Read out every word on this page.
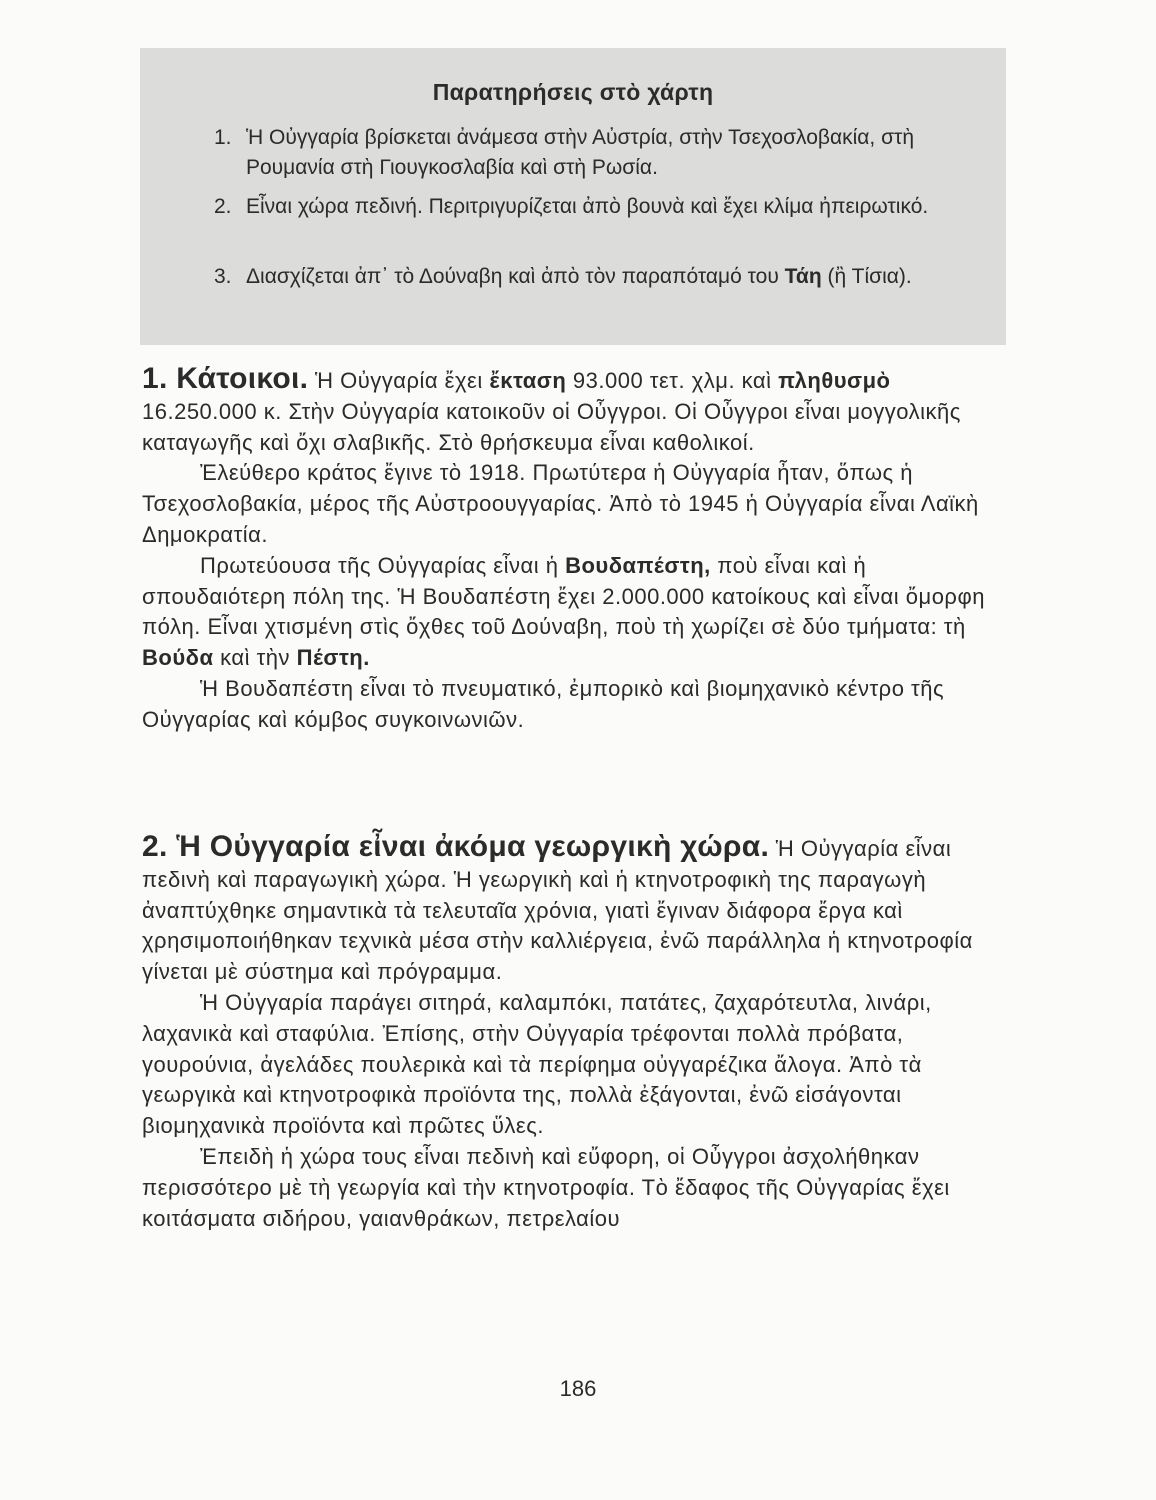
Παρατηρήσεις στὸ χάρτη
1. Ἡ Οὐγγαρία βρίσκεται ἀνάμεσα στὴν Αὐστρία, στὴν Τσεχοσλοβακία, στὴ Ρουμανία στὴ Γιουγκοσλαβία καὶ στὴ Ρωσία.
2. Εἶναι χώρα πεδινή. Περιτριγυρίζεται ἀπὸ βουνὰ καὶ ἔχει κλίμα ἠπειρωτικό.
3. Διασχίζεται ἀπ᾽ τὸ Δούναβη καὶ ἀπὸ τὸν παραπόταμό του Τάη (ἢ Τίσια).

1. Κάτοικοι. Ἡ Οὐγγαρία ἔχει ἔκταση 93.000 τετ. χλμ. καὶ πληθυσμὸ 16.250.000 κ. Στὴν Οὐγγαρία κατοικοῦν οἱ Οὖγγροι. Οἱ Οὖγγροι εἶναι μογγολικῆς καταγωγῆς καὶ ὄχι σλαβικῆς. Στὸ θρήσκευμα εἶναι καθολικοί.

Ἐλεύθερο κράτος ἔγινε τὸ 1918. Πρωτύτερα ἡ Οὐγγαρία ἦταν, ὅπως ἡ Τσεχοσλοβακία, μέρος τῆς Αὐστροουγγαρίας. Ἀπὸ τὸ 1945 ἡ Οὐγγαρία εἶναι Λαϊκὴ Δημοκρατία.

Πρωτεύουσα τῆς Οὐγγαρίας εἶναι ἡ Βουδαπέστη, ποὺ εἶναι καὶ ἡ σπουδαιότερη πόλη της. Ἡ Βουδαπέστη ἔχει 2.000.000 κατοίκους καὶ εἶναι ὄμορφη πόλη. Εἶναι χτισμένη στὶς ὄχθες τοῦ Δούναβη, ποὺ τὴ χωρίζει σὲ δύο τμήματα: τὴ Βούδα καὶ τὴν Πέστη.

Ἡ Βουδαπέστη εἶναι τὸ πνευματικό, ἐμπορικὸ καὶ βιομηχανικὸ κέντρο τῆς Οὐγγαρίας καὶ κόμβος συγκοινωνιῶν.

2. Ἡ Οὐγγαρία εἶναι ἀκόμα γεωργικὴ χώρα. Ἡ Οὐγγαρία εἶναι πεδινὴ καὶ παραγωγικὴ χώρα. Ἡ γεωργικὴ καὶ ἡ κτηνοτροφικὴ της παραγωγὴ ἀναπτύχθηκε σημαντικὰ τὰ τελευταῖα χρόνια, γιατὶ ἔγιναν διάφορα ἔργα καὶ χρησιμοποιήθηκαν τεχνικὰ μέσα στὴν καλλιέργεια, ἐνῶ παράλληλα ἡ κτηνοτροφία γίνεται μὲ σύστημα καὶ πρόγραμμα.

Ἡ Οὐγγαρία παράγει σιτηρά, καλαμπόκι, πατάτες, ζαχαρότευτλα, λινάρι, λαχανικὰ καὶ σταφύλια. Ἐπίσης, στὴν Οὐγγαρία τρέφονται πολλὰ πρόβατα, γουρούνια, ἀγελάδες πουλερικὰ καὶ τὰ περίφημα οὐγγαρέζικα ἄλογα. Ἀπὸ τὰ γεωργικὰ καὶ κτηνοτροφικὰ προϊόντα της, πολλὰ ἐξάγονται, ἐνῶ εἰσάγονται βιομηχανικὰ προϊόντα καὶ πρῶτες ὕλες.

Ἐπειδὴ ἡ χώρα τους εἶναι πεδινὴ καὶ εὔφορη, οἱ Οὖγγροι ἀσχολήθηκαν περισσότερο μὲ τὴ γεωργία καὶ τὴν κτηνοτροφία. Τὸ ἔδαφος τῆς Οὐγγαρίας ἔχει κοιτάσματα σιδήρου, γαιανθράκων, πετρελαίου

186
